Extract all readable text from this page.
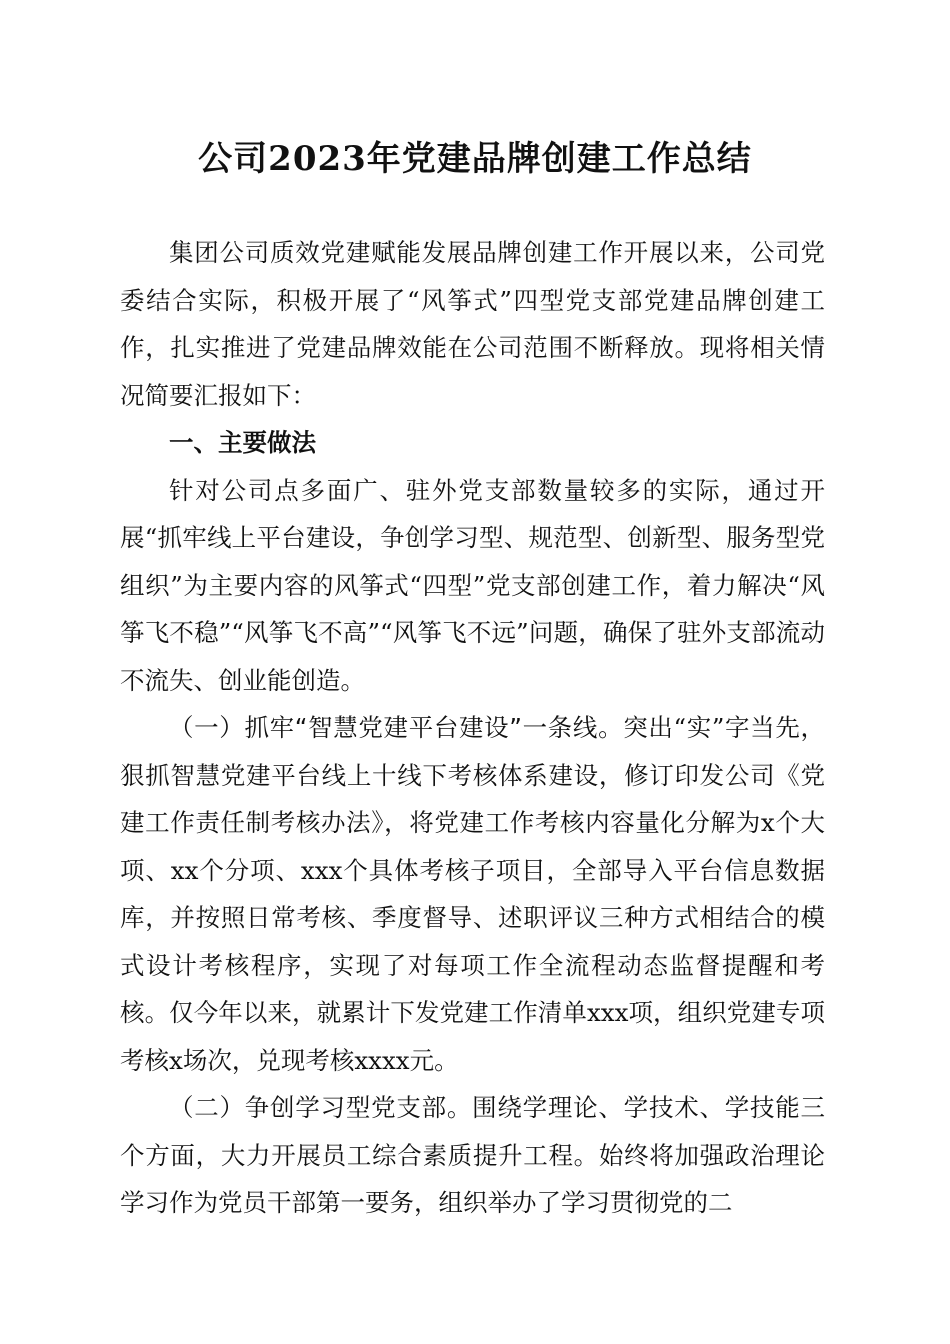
公司2023年党建品牌创建工作总结

集团公司质效党建赋能发展品牌创建工作开展以来，公司党委结合实际，积极开展了“风筝式”四型党支部党建品牌创建工作，扎实推进了党建品牌效能在公司范围不断释放。现将相关情况简要汇报如下：

一、主要做法

针对公司点多面广、驻外党支部数量较多的实际，通过开展“抓牢线上平台建设，争创学习型、规范型、创新型、服务型党组织”为主要内容的风筝式“四型”党支部创建工作，着力解决“风筝飞不稳”“风筝飞不高”“风筝飞不远”问题，确保了驻外支部流动不流失、创业能创造。

（一）抓牢“智慧党建平台建设”一条线。突出“实”字当先，狠抓智慧党建平台线上十线下考核体系建设，修订印发公司《党建工作责任制考核办法》，将党建工作考核内容量化分解为x个大项、xx个分项、xxx个具体考核子项目，全部导入平台信息数据库，并按照日常考核、季度督导、述职评议三种方式相结合的模式设计考核程序，实现了对每项工作全流程动态监督提醒和考核。仅今年以来，就累计下发党建工作清单xxx项，组织党建专项考核x场次，兑现考核xxxx元。

（二）争创学习型党支部。围绕学理论、学技术、学技能三个方面，大力开展员工综合素质提升工程。始终将加强政治理论学习作为党员干部第一要务，组织举办了学习贯彻党的二
